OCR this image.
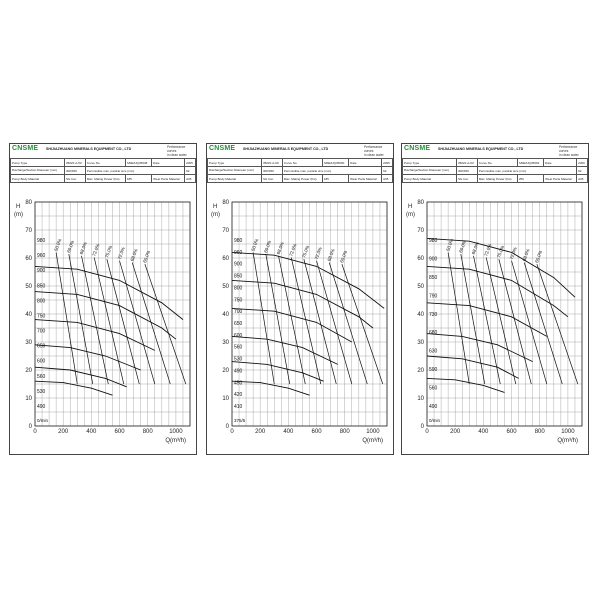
CNSME SHIJIAZHUANG MINERALS EQUIPMENT CO., LTD	Performance curves
in clean water
Pump Type	350ZJ-A-50	Curve No.	SMEZJQ35038	Date	2005
Discharge/Suction Diameter (mm)	300/350	Permissible max. particle size (mm)			62
Pump Body Material	SG Iron	Max. Mating Power (Kw)	185	Wear Parts Material	A05
0
10
20
30
40
50
60
70
80
0	200	400	600	800	1000
H
(m)
Q(m³/h)
980
960
900
850
800
750
700
650
600
560
530
490
0/min
50.0% 60.0% 68.0% 72.0% 75.0% 72.0% 68.0% 60.0%
CNSME SHIJIAZHUANG MINERALS EQUIPMENT CO., LTD	Performance curves
in clean water
Pump Type	350ZJ-A-60	Curve No.	SMEZJQ35060	Date	2005
Discharge/Suction Diameter (mm)	300/350	Permissible max. particle size (mm)			62
Pump Body Material	SG Iron	Max. Mating Power (Kw)	185	Wear Parts Material	A05
0
10
20
30
40
50
60
70
80
0	200	400	600	800	1000
H
(m)
Q(m³/h)
980
960
900
850
800
750
700
650
600
560
530
490
450
420
410
375/5
50.0% 60.0% 68.0% 72.0% 75.0% 72.0% 68.0% 60.0%
CNSME SHIJIAZHUANG MINERALS EQUIPMENT CO., LTD	Performance curves
in clean water
Pump Type	350ZJ-A-63	Curve No.	SMEZJQ35063	Date	2006
Discharge/Suction Diameter (mm)	300/350	Permissible max. particle size (mm)			62
Pump Body Material	SG Iron	Max. Mating Power (Kw)	250	Wear Parts Material	A05
0
10
20
30
40
50
60
70
80
0	200	400	600	800	1000
H
(m)
Q(m³/h)
980
900
850
790
730
680
630
590
560
490
0/min
50.0% 60.0% 68.0% 72.0% 75.0% 72.0% 68.0% 60.0%
